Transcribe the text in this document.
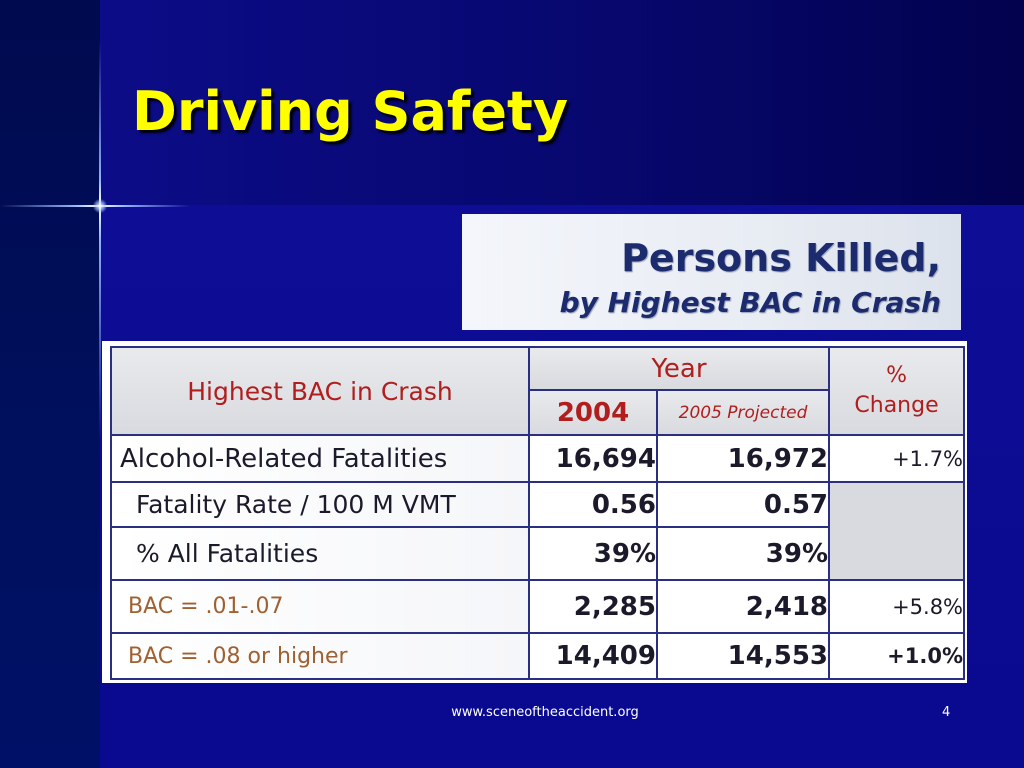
Driving Safety
Persons Killed,
by Highest BAC in Crash
Highest BAC in Crash	Year		%
Change

	2004	2005 Projected	
Alcohol-Related Fatalities	16,694	16,972	+1.7%
Fatality Rate / 100 M VMT	0.56	0.57	
% All Fatalities	39%	39%	
BAC = .01-.07	2,285	2,418	+5.8%
BAC = .08 or higher	14,409	14,553	+1.0%
www.sceneoftheaccident.org	4
